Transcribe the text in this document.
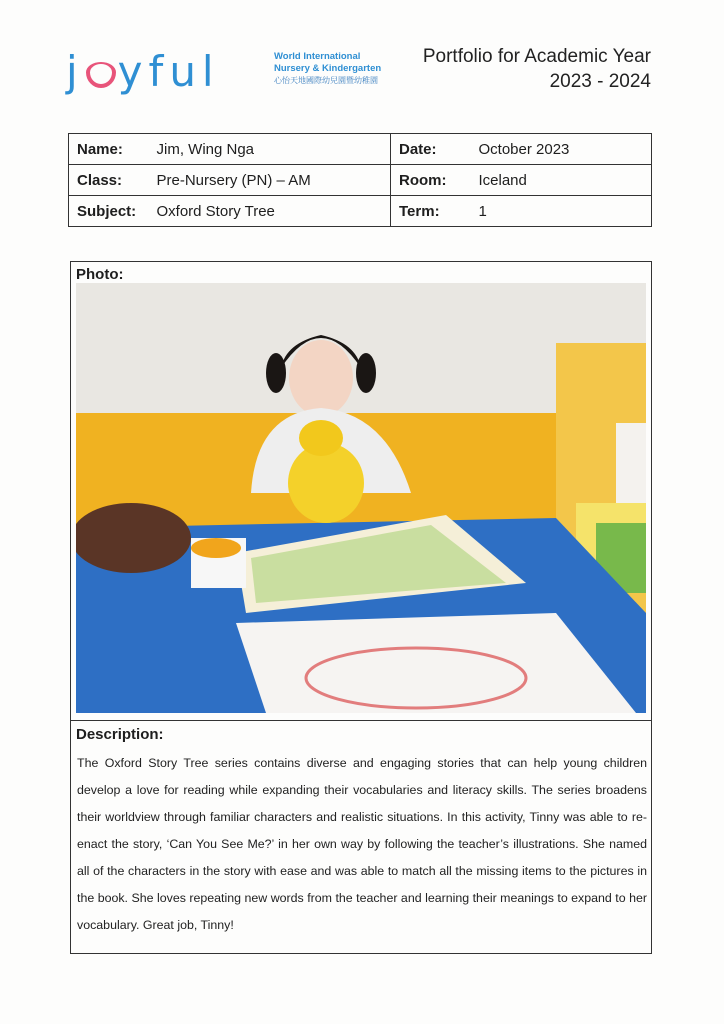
j yful	World International Nursery & Kindergarten
心怡天地國際幼兒園暨幼稚園
Portfolio for Academic Year
2023 - 2024
Name:	Jim, Wing Nga	Date:	October 2023
Class:	Pre-Nursery (PN) – AM	Room:	Iceland
Subject:	Oxford Story Tree	Term:	1
Photo:
Description:
The Oxford Story Tree series contains diverse and engaging stories that can help young children develop a love for reading while expanding their vocabularies and literacy skills. The series broadens their worldview through familiar characters and realistic situations. In this activity, Tinny was able to re-enact the story, ‘Can You See Me?’ in her own way by following the teacher’s illustrations. She named all of the characters in the story with ease and was able to match all the missing items to the pictures in the book. She loves repeating new words from the teacher and learning their meanings to expand to her vocabulary. Great job, Tinny!
